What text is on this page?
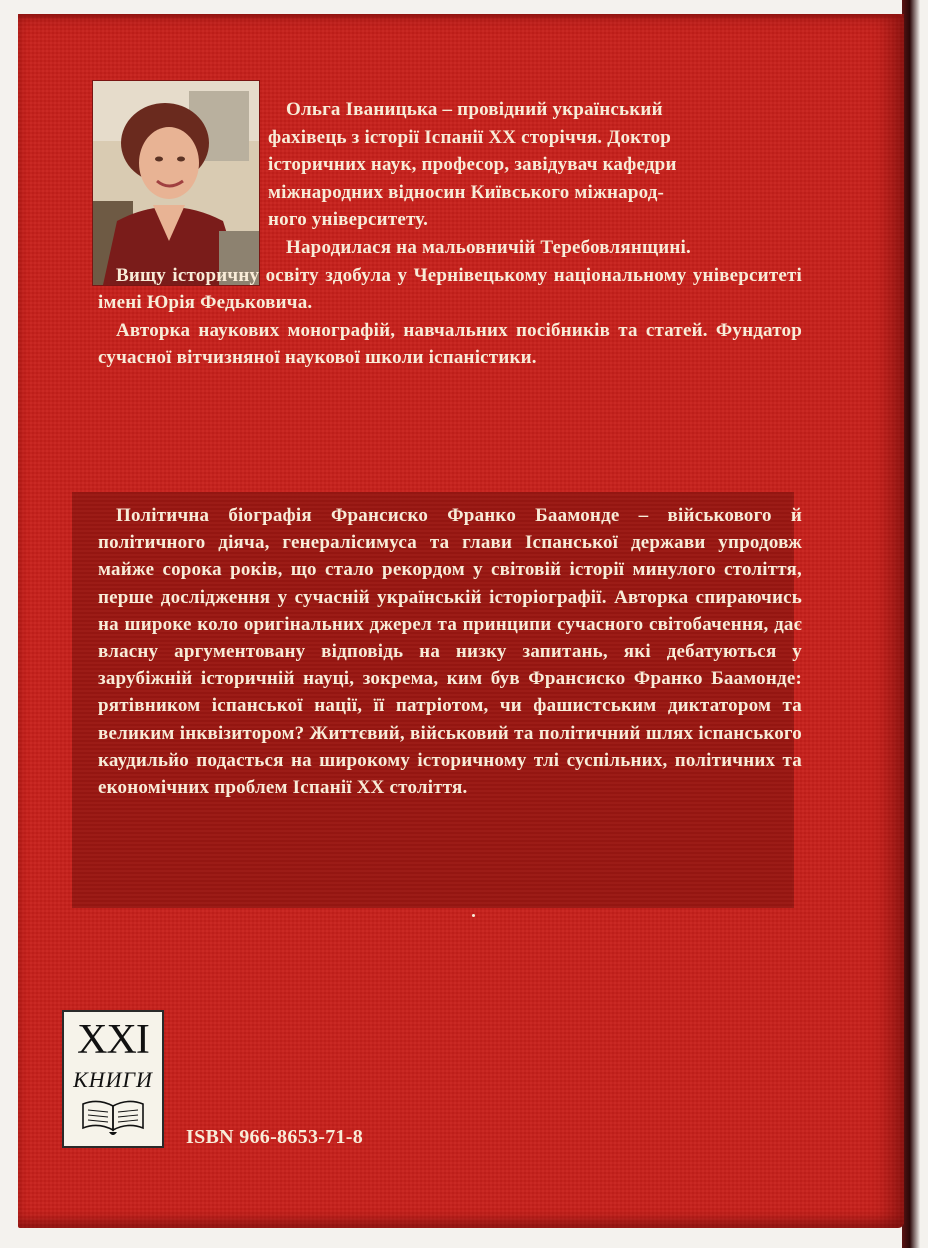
Ольга Іваницька – провідний український
фахівець з історії Іспанії ХХ сторіччя. Доктор
історичних наук, професор, завідувач кафедри
міжнародних відносин Київського міжнарод-
ного університету.

Народилася на мальовничій Теребовлянщині.

Вищу історичну освіту здобула у Чернівецькому національному університеті імені Юрія Федьковича.

Авторка наукових монографій, навчальних посібників та статей. Фундатор сучасної вітчизняної наукової школи іспаністики.

Політична біографія Франсиско Франко Баамонде – військового й політичного діяча, генералісимуса та глави Іспанської держави упродовж майже сорока років, що стало рекордом у світовій історії минулого століття, перше дослідження у сучасній українській історіографії. Авторка спираючись на широке коло оригінальних джерел та принципи сучасного світобачення, дає власну аргументовану відповідь на низку запитань, які дебатуються у зарубіжній історичній науці, зокрема, ким був Франсиско Франко Баамонде: рятівником іспанської нації, її патріотом, чи фашистським диктатором та великим інквізитором? Життєвий, військовий та політичний шлях іспанського каудильйо подасться на широкому історичному тлі суспільних, політичних та економічних проблем Іспанії ХХ століття.

XXI
КНИГИ
ISBN 966-8653-71-8
